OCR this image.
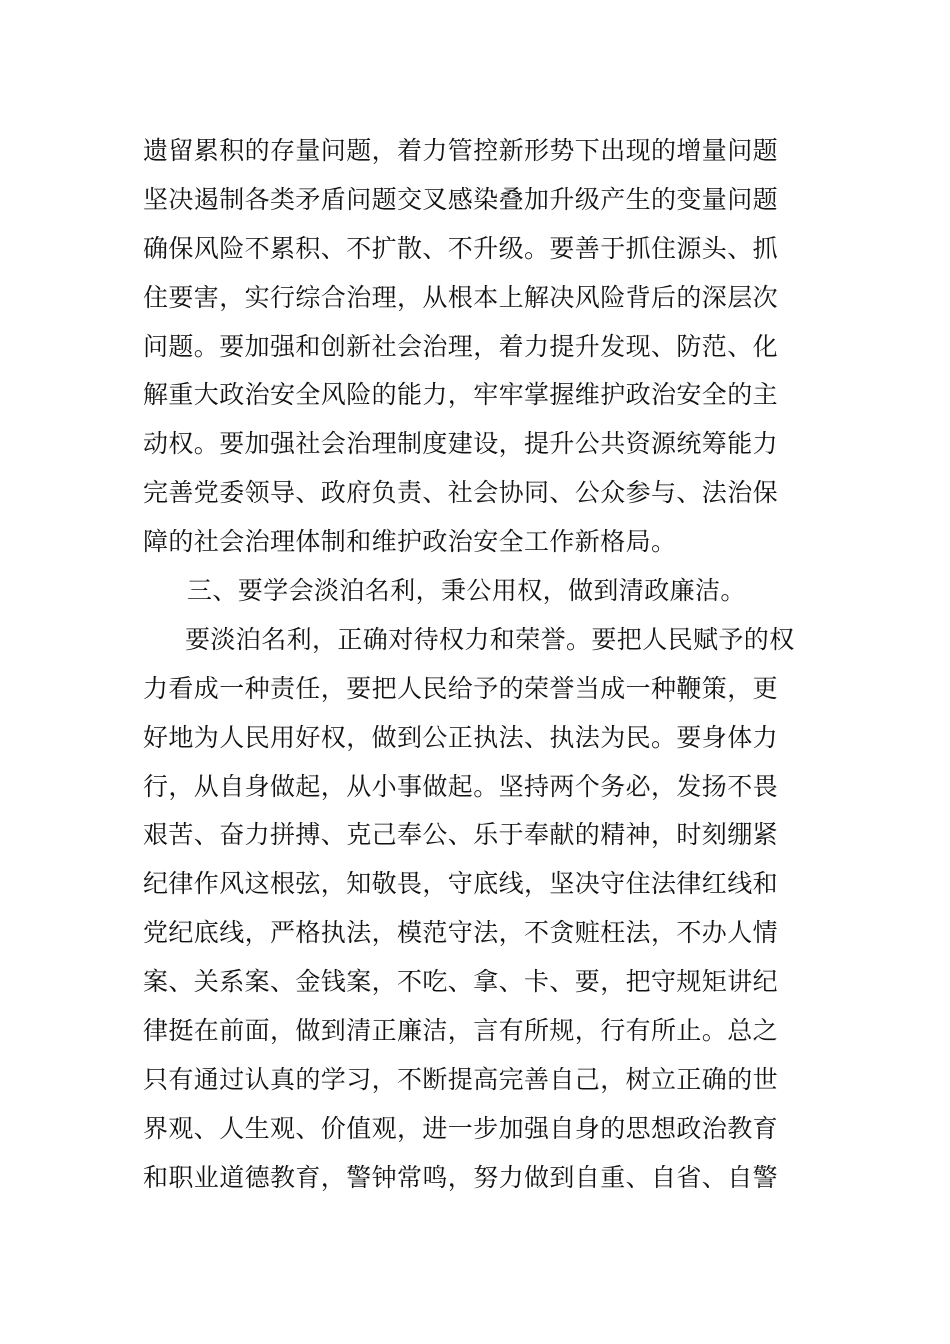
遗留累积的存量问题，着力管控新形势下出现的增量问题
坚决遏制各类矛盾问题交叉感染叠加升级产生的变量问题
确保风险不累积、不扩散、不升级。要善于抓住源头、抓
住要害，实行综合治理，从根本上解决风险背后的深层次
问题。要加强和创新社会治理，着力提升发现、防范、化
解重大政治安全风险的能力，牢牢掌握维护政治安全的主
动权。要加强社会治理制度建设，提升公共资源统筹能力
完善党委领导、政府负责、社会协同、公众参与、法治保
障的社会治理体制和维护政治安全工作新格局。
三、要学会淡泊名利，秉公用权，做到清政廉洁。
要淡泊名利，正确对待权力和荣誉。要把人民赋予的权
力看成一种责任，要把人民给予的荣誉当成一种鞭策，更
好地为人民用好权，做到公正执法、执法为民。要身体力
行，从自身做起，从小事做起。坚持两个务必，发扬不畏
艰苦、奋力拼搏、克己奉公、乐于奉献的精神，时刻绷紧
纪律作风这根弦，知敬畏，守底线，坚决守住法律红线和
党纪底线，严格执法，模范守法，不贪赃枉法，不办人情
案、关系案、金钱案，不吃、拿、卡、要，把守规矩讲纪
律挺在前面，做到清正廉洁，言有所规，行有所止。总之
只有通过认真的学习，不断提高完善自己，树立正确的世
界观、人生观、价值观，进一步加强自身的思想政治教育
和职业道德教育，警钟常鸣，努力做到自重、自省、自警
